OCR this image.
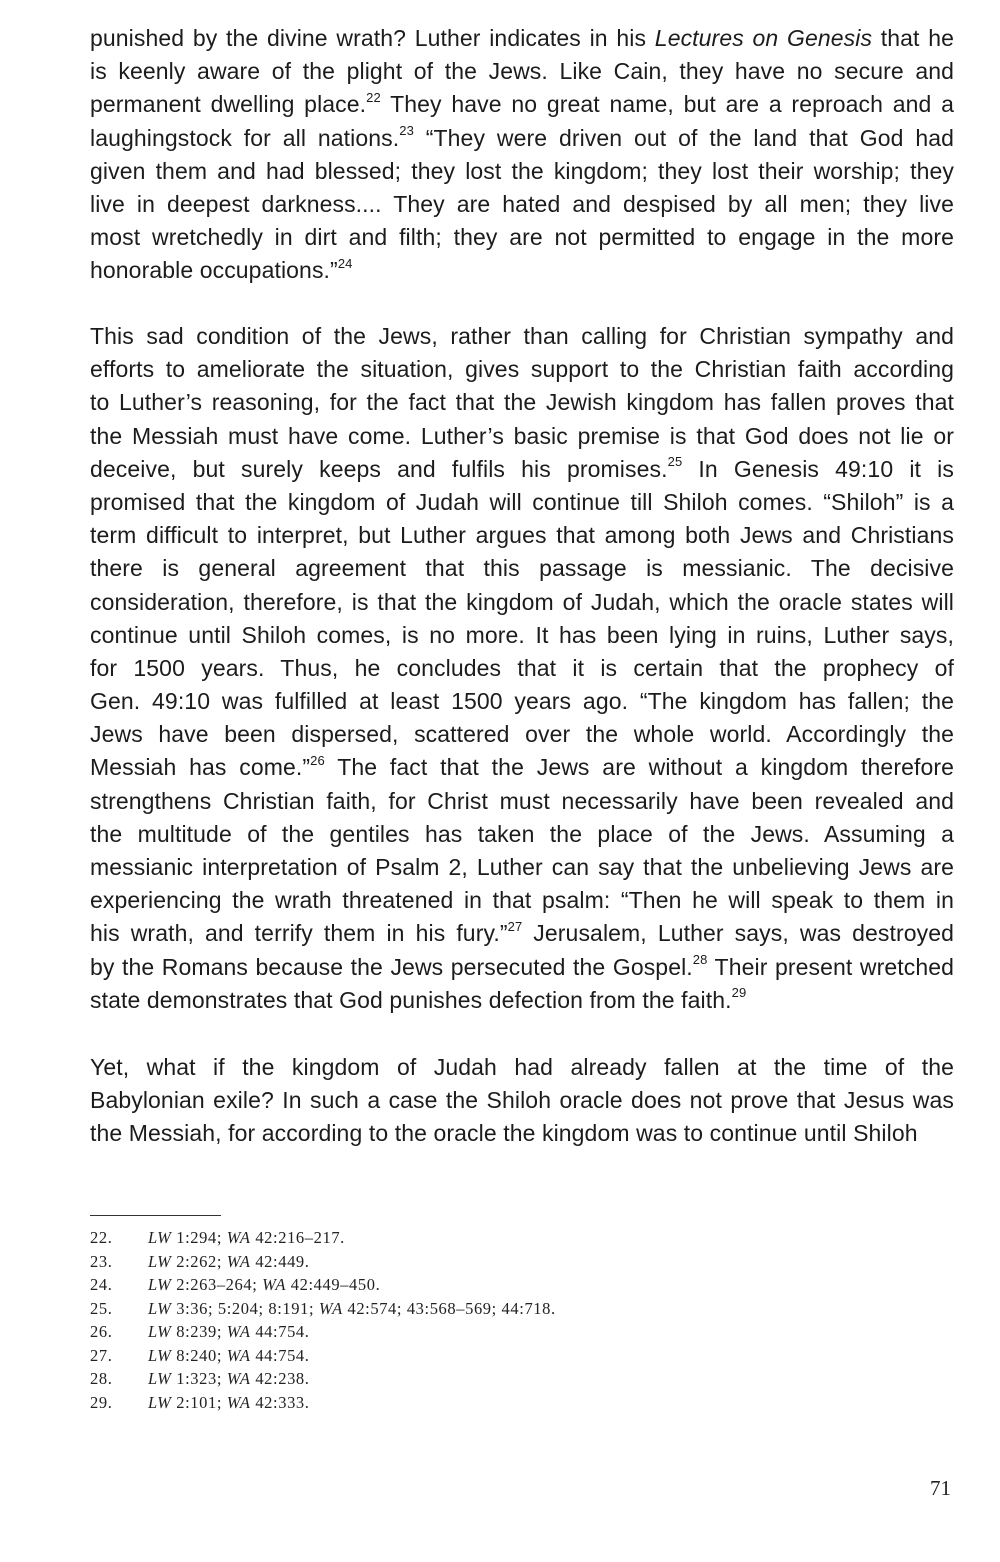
punished by the divine wrath? Luther indicates in his Lectures on Genesis that he
is keenly aware of the plight of the Jews. Like Cain, they have no secure and
permanent dwelling place.$^{22}$ They have no great name, but are a reproach and a
laughingstock for all nations.$^{23}$ “They were driven out of the land that God had
given them and had blessed; they lost the kingdom; they lost their worship; they
live in deepest darkness.... They are hated and despised by all men; they live
most wretchedly in dirt and filth; they are not permitted to engage in the more
honorable occupations.”$^{24}$
This sad condition of the Jews, rather than calling for Christian sympathy and
efforts to ameliorate the situation, gives support to the Christian faith according
to Luther’s reasoning, for the fact that the Jewish kingdom has fallen proves that
the Messiah must have come. Luther’s basic premise is that God does not lie or
deceive, but surely keeps and fulfils his promises.$^{25}$ In Genesis 49:10 it is
promised that the kingdom of Judah will continue till Shiloh comes. “Shiloh” is a
term difficult to interpret, but Luther argues that among both Jews and Christians
there is general agreement that this passage is messianic. The decisive
consideration, therefore, is that the kingdom of Judah, which the oracle states will
continue until Shiloh comes, is no more. It has been lying in ruins, Luther says,
for 1500 years. Thus, he concludes that it is certain that the prophecy of
Gen. 49:10 was fulfilled at least 1500 years ago. “The kingdom has fallen; the
Jews have been dispersed, scattered over the whole world. Accordingly the
Messiah has come.”$^{26}$ The fact that the Jews are without a kingdom therefore
strengthens Christian faith, for Christ must necessarily have been revealed and
the multitude of the gentiles has taken the place of the Jews. Assuming a
messianic interpretation of Psalm 2, Luther can say that the unbelieving Jews are
experiencing the wrath threatened in that psalm: “Then he will speak to them in
his wrath, and terrify them in his fury.”$^{27}$ Jerusalem, Luther says, was destroyed
by the Romans because the Jews persecuted the Gospel.$^{28}$ Their present wretched
state demonstrates that God punishes defection from the faith.$^{29}$
Yet, what if the kingdom of Judah had already fallen at the time of the
Babylonian exile? In such a case the Shiloh oracle does not prove that Jesus was
the Messiah, for according to the oracle the kingdom was to continue until Shiloh
22. LW 1:294; WA 42:216–217.
23. LW 2:262; WA 42:449.
24. LW 2:263–264; WA 42:449–450.
25. LW 3:36; 5:204; 8:191; WA 42:574; 43:568–569; 44:718.
26. LW 8:239; WA 44:754.
27. LW 8:240; WA 44:754.
28. LW 1:323; WA 42:238.
29. LW 2:101; WA 42:333.
71
